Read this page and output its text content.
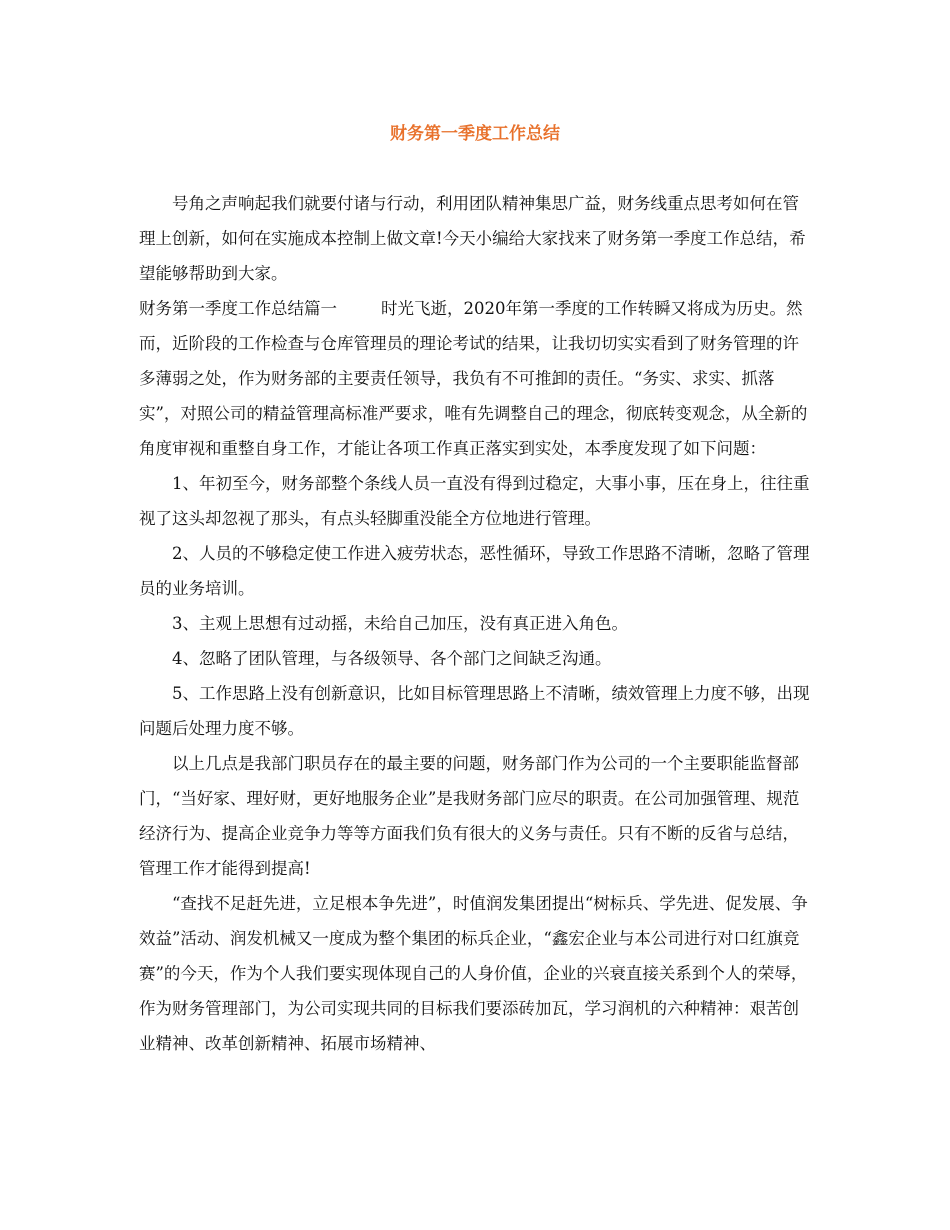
财务第一季度工作总结

号角之声响起我们就要付诸与行动，利用团队精神集思广益，财务线重点思考如何在管理上创新，如何在实施成本控制上做文章!今天小编给大家找来了财务第一季度工作总结，希望能够帮助到大家。

财务第一季度工作总结篇一	时光飞逝，2020年第一季度的工作转瞬又将成为历史。然而，近阶段的工作检查与仓库管理员的理论考试的结果，让我切切实实看到了财务管理的许多薄弱之处，作为财务部的主要责任领导，我负有不可推卸的责任。“务实、求实、抓落实”，对照公司的精益管理高标准严要求，唯有先调整自己的理念，彻底转变观念，从全新的角度审视和重整自身工作，才能让各项工作真正落实到实处，本季度发现了如下问题：

1、年初至今，财务部整个条线人员一直没有得到过稳定，大事小事，压在身上，往往重视了这头却忽视了那头，有点头轻脚重没能全方位地进行管理。

2、人员的不够稳定使工作进入疲劳状态，恶性循环，导致工作思路不清晰，忽略了管理员的业务培训。

3、主观上思想有过动摇，未给自己加压，没有真正进入角色。

4、忽略了团队管理，与各级领导、各个部门之间缺乏沟通。

5、工作思路上没有创新意识，比如目标管理思路上不清晰，绩效管理上力度不够，出现问题后处理力度不够。

以上几点是我部门职员存在的最主要的问题，财务部门作为公司的一个主要职能监督部门，“当好家、理好财，更好地服务企业”是我财务部门应尽的职责。在公司加强管理、规范经济行为、提高企业竞争力等等方面我们负有很大的义务与责任。只有不断的反省与总结，管理工作才能得到提高!

“查找不足赶先进，立足根本争先进”，时值润发集团提出“树标兵、学先进、促发展、争效益”活动、润发机械又一度成为整个集团的标兵企业，“鑫宏企业与本公司进行对口红旗竞赛”的今天，作为个人我们要实现体现自己的人身价值，企业的兴衰直接关系到个人的荣辱，作为财务管理部门，为公司实现共同的目标我们要添砖加瓦，学习润机的六种精神：艰苦创业精神、改革创新精神、拓展市场精神、
